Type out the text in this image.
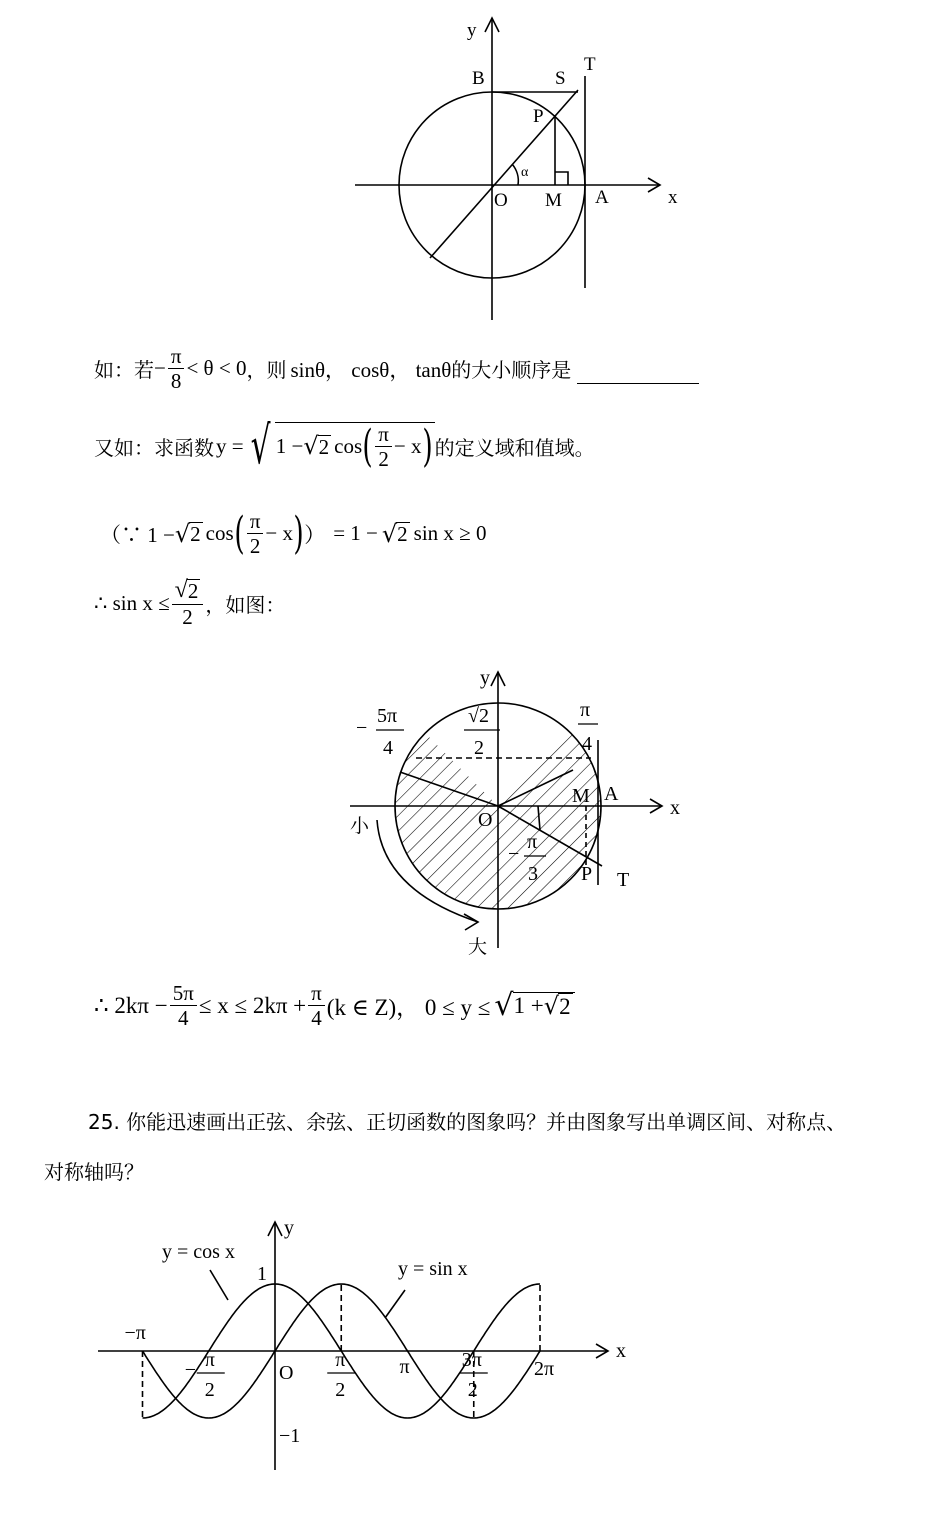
y
x
O M A
B	S
T
P
α
如：若 − $\frac{\pi}{8} < \theta < 0$ ，则 sinθ， cosθ， tanθ 的大小顺序是
又如：求函数 y = √ 1 − √ 2 cos ( $\frac{\pi}{2} - x$ ) 的定义域和值域。
（∵ 1 − √ 2 cos ( $\frac{\pi}{2} - x$ ) ） = 1 − √ 2 sin x ≥ 0
∴ $\sin x \le \frac{√ 2}{2}$ ，如图：
y
x
O
A
M
P T
−
5π
4
√2
2
π
4
−
π
3
小
大
∴ $2k\pi - \frac{5\pi}{4} \le x \le 2k\pi + \frac{\pi}{4} (k$ ∈ Z)， 0 ≤ y ≤ √ 1 + √ 2
25. 你能迅速画出正弦、余弦、正切函数的图象吗？并由图象写出单调区间、对称点、
对称轴吗？
y = cos x
y = sin x
y
x
−π
− π
2
O
π
2
π	3π
2
2π
1
−1
